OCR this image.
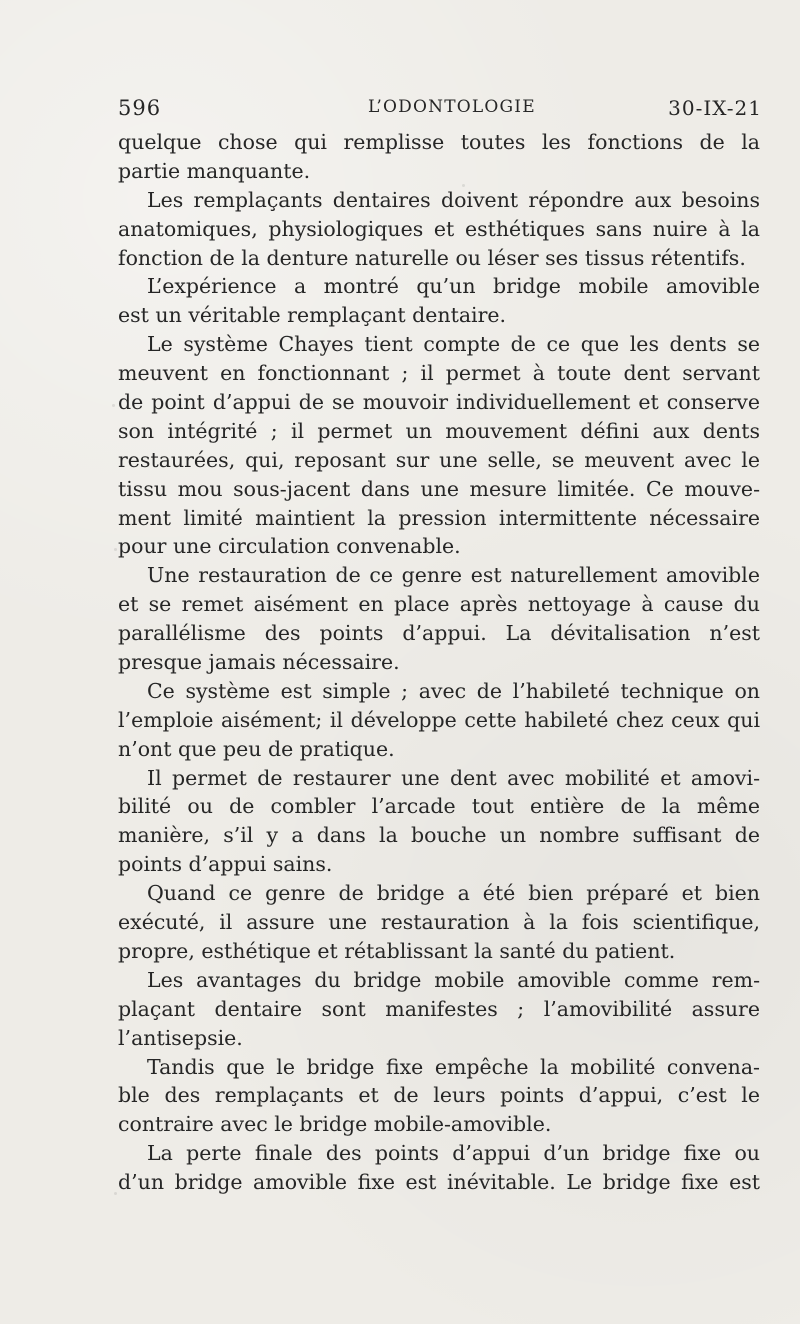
596	L’ODONTOLOGIE	30-IX-21
quelque chose qui remplisse toutes les fonctions de la
partie manquante.
Les remplaçants dentaires doivent répondre aux besoins
anatomiques, physiologiques et esthétiques sans nuire à la
fonction de la denture naturelle ou léser ses tissus rétentifs.
L’expérience a montré qu’un bridge mobile amovible
est un véritable remplaçant dentaire.
Le système Chayes tient compte de ce que les dents se
meuvent en fonctionnant ; il permet à toute dent servant
de point d’appui de se mouvoir individuellement et conserve
son intégrité ; il permet un mouvement défini aux dents
restaurées, qui, reposant sur une selle, se meuvent avec le
tissu mou sous-jacent dans une mesure limitée. Ce mouve-
ment limité maintient la pression intermittente nécessaire
pour une circulation convenable.
Une restauration de ce genre est naturellement amovible
et se remet aisément en place après nettoyage à cause du
parallélisme des points d’appui. La dévitalisation n’est
presque jamais nécessaire.
Ce système est simple ; avec de l’habileté technique on
l’emploie aisément; il développe cette habileté chez ceux qui
n’ont que peu de pratique.
Il permet de restaurer une dent avec mobilité et amovi-
bilité ou de combler l’arcade tout entière de la même
manière, s’il y a dans la bouche un nombre suffisant de
points d’appui sains.
Quand ce genre de bridge a été bien préparé et bien
exécuté, il assure une restauration à la fois scientifique,
propre, esthétique et rétablissant la santé du patient.
Les avantages du bridge mobile amovible comme rem-
plaçant dentaire sont manifestes ; l’amovibilité assure
l’antisepsie.
Tandis que le bridge fixe empêche la mobilité convena-
ble des remplaçants et de leurs points d’appui, c’est le
contraire avec le bridge mobile-amovible.
La perte finale des points d’appui d’un bridge fixe ou
d’un bridge amovible fixe est inévitable. Le bridge fixe est
